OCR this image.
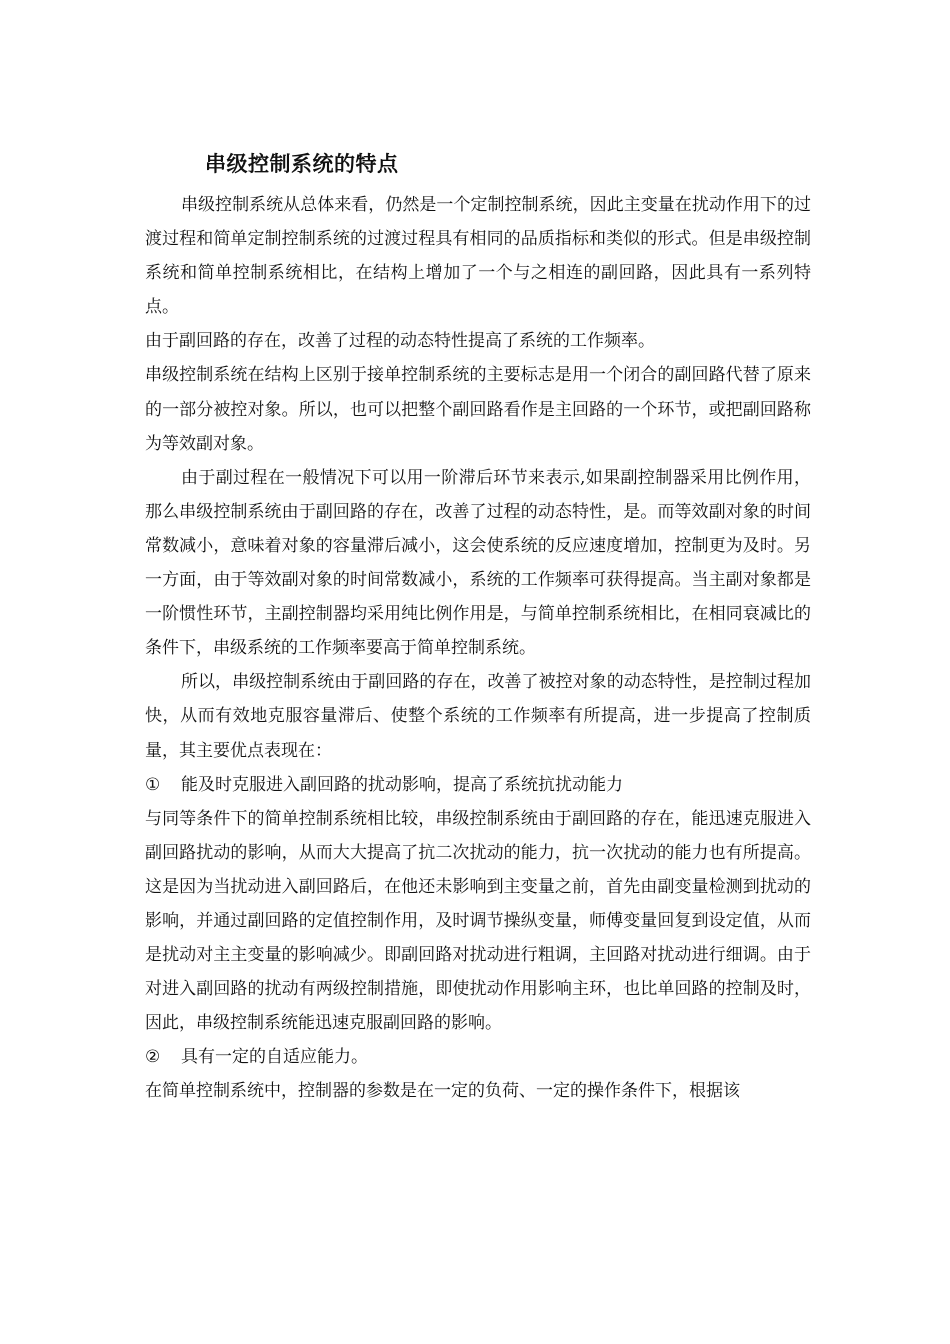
串级控制系统的特点

串级控制系统从总体来看，仍然是一个定制控制系统，因此主变量在扰动作用下的过渡过程和简单定制控制系统的过渡过程具有相同的品质指标和类似的形式。但是串级控制系统和简单控制系统相比，在结构上增加了一个与之相连的副回路，因此具有一系列特点。

由于副回路的存在，改善了过程的动态特性提高了系统的工作频率。

串级控制系统在结构上区别于接单控制系统的主要标志是用一个闭合的副回路代替了原来的一部分被控对象。所以，也可以把整个副回路看作是主回路的一个环节，或把副回路称为等效副对象。

由于副过程在一般情况下可以用一阶滞后环节来表示,如果副控制器采用比例作用，那么串级控制系统由于副回路的存在，改善了过程的动态特性，是。而等效副对象的时间常数减小，意味着对象的容量滞后减小，这会使系统的反应速度增加，控制更为及时。另一方面，由于等效副对象的时间常数减小，系统的工作频率可获得提高。当主副对象都是一阶惯性环节，主副控制器均采用纯比例作用是，与简单控制系统相比，在相同衰减比的条件下，串级系统的工作频率要高于简单控制系统。

所以，串级控制系统由于副回路的存在，改善了被控对象的动态特性，是控制过程加快，从而有效地克服容量滞后、使整个系统的工作频率有所提高，进一步提高了控制质量，其主要优点表现在：

① 能及时克服进入副回路的扰动影响，提高了系统抗扰动能力

与同等条件下的简单控制系统相比较，串级控制系统由于副回路的存在，能迅速克服进入副回路扰动的影响，从而大大提高了抗二次扰动的能力，抗一次扰动的能力也有所提高。这是因为当扰动进入副回路后，在他还未影响到主变量之前，首先由副变量检测到扰动的影响，并通过副回路的定值控制作用，及时调节操纵变量，师傅变量回复到设定值，从而是扰动对主主变量的影响减少。即副回路对扰动进行粗调，主回路对扰动进行细调。由于对进入副回路的扰动有两级控制措施，即使扰动作用影响主环，也比单回路的控制及时，因此，串级控制系统能迅速克服副回路的影响。

② 具有一定的自适应能力。

在简单控制系统中，控制器的参数是在一定的负荷、一定的操作条件下，根据该
